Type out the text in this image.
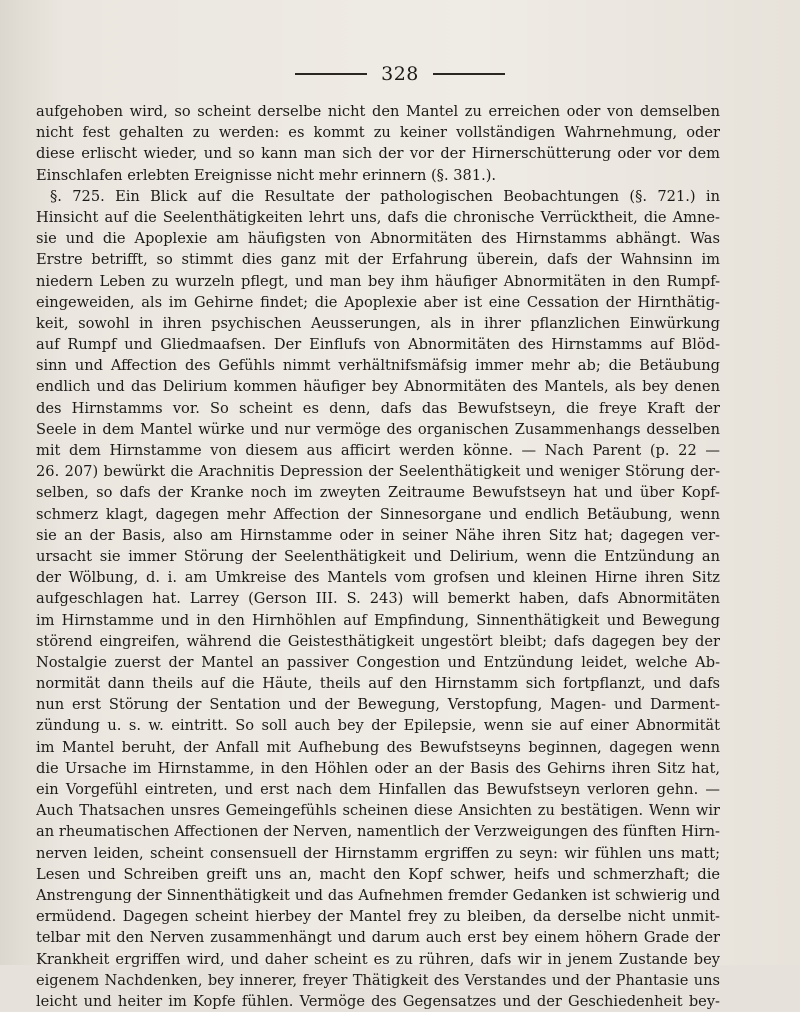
328
aufgehoben wird, so scheint derselbe nicht den Mantel zu erreichen oder von demselben
nicht fest gehalten zu werden: es kommt zu keiner vollständigen Wahrnehmung, oder
diese erlischt wieder, und so kann man sich der vor der Hirnerschütterung oder vor dem
Einschlafen erlebten Ereignisse nicht mehr erinnern (§. 381.).
§. 725. Ein Blick auf die Resultate der pathologischen Beobachtungen (§. 721.) in
Hinsicht auf die Seelenthätigkeiten lehrt uns, dafs die chronische Verrücktheit, die Amne-
sie und die Apoplexie am häufigsten von Abnormitäten des Hirnstamms abhängt. Was
Erstre betrifft, so stimmt dies ganz mit der Erfahrung überein, dafs der Wahnsinn im
niedern Leben zu wurzeln pflegt, und man bey ihm häufiger Abnormitäten in den Rumpf-
eingeweiden, als im Gehirne findet; die Apoplexie aber ist eine Cessation der Hirnthätig-
keit, sowohl in ihren psychischen Aeusserungen, als in ihrer pflanzlichen Einwürkung
auf Rumpf und Gliedmaafsen. Der Einflufs von Abnormitäten des Hirnstamms auf Blöd-
sinn und Affection des Gefühls nimmt verhältnifsmäfsig immer mehr ab; die Betäubung
endlich und das Delirium kommen häufiger bey Abnormitäten des Mantels, als bey denen
des Hirnstamms vor. So scheint es denn, dafs das Bewufstseyn, die freye Kraft der
Seele in dem Mantel würke und nur vermöge des organischen Zusammenhangs desselben
mit dem Hirnstamme von diesem aus afficirt werden könne. — Nach Parent (p. 22 —
26. 207) bewürkt die Arachnitis Depression der Seelenthätigkeit und weniger Störung der-
selben, so dafs der Kranke noch im zweyten Zeitraume Bewufstseyn hat und über Kopf-
schmerz klagt, dagegen mehr Affection der Sinnesorgane und endlich Betäubung, wenn
sie an der Basis, also am Hirnstamme oder in seiner Nähe ihren Sitz hat; dagegen ver-
ursacht sie immer Störung der Seelenthätigkeit und Delirium, wenn die Entzündung an
der Wölbung, d. i. am Umkreise des Mantels vom grofsen und kleinen Hirne ihren Sitz
aufgeschlagen hat. Larrey (Gerson III. S. 243) will bemerkt haben, dafs Abnormitäten
im Hirnstamme und in den Hirnhöhlen auf Empfindung, Sinnenthätigkeit und Bewegung
störend eingreifen, während die Geistesthätigkeit ungestört bleibt; dafs dagegen bey der
Nostalgie zuerst der Mantel an passiver Congestion und Entzündung leidet, welche Ab-
normität dann theils auf die Häute, theils auf den Hirnstamm sich fortpflanzt, und dafs
nun erst Störung der Sentation und der Bewegung, Verstopfung, Magen- und Darment-
zündung u. s. w. eintritt. So soll auch bey der Epilepsie, wenn sie auf einer Abnormität
im Mantel beruht, der Anfall mit Aufhebung des Bewufstseyns beginnen, dagegen wenn
die Ursache im Hirnstamme, in den Höhlen oder an der Basis des Gehirns ihren Sitz hat,
ein Vorgefühl eintreten, und erst nach dem Hinfallen das Bewufstseyn verloren gehn. —
Auch Thatsachen unsres Gemeingefühls scheinen diese Ansichten zu bestätigen. Wenn wir
an rheumatischen Affectionen der Nerven, namentlich der Verzweigungen des fünften Hirn-
nerven leiden, scheint consensuell der Hirnstamm ergriffen zu seyn: wir fühlen uns matt;
Lesen und Schreiben greift uns an, macht den Kopf schwer, heifs und schmerzhaft; die
Anstrengung der Sinnenthätigkeit und das Aufnehmen fremder Gedanken ist schwierig und
ermüdend. Dagegen scheint hierbey der Mantel frey zu bleiben, da derselbe nicht unmit-
telbar mit den Nerven zusammenhängt und darum auch erst bey einem höhern Grade der
Krankheit ergriffen wird, und daher scheint es zu rühren, dafs wir in jenem Zustande bey
eigenem Nachdenken, bey innerer, freyer Thätigkeit des Verstandes und der Phantasie uns
leicht und heiter im Kopfe fühlen. Vermöge des Gegensatzes und der Geschiedenheit bey-
